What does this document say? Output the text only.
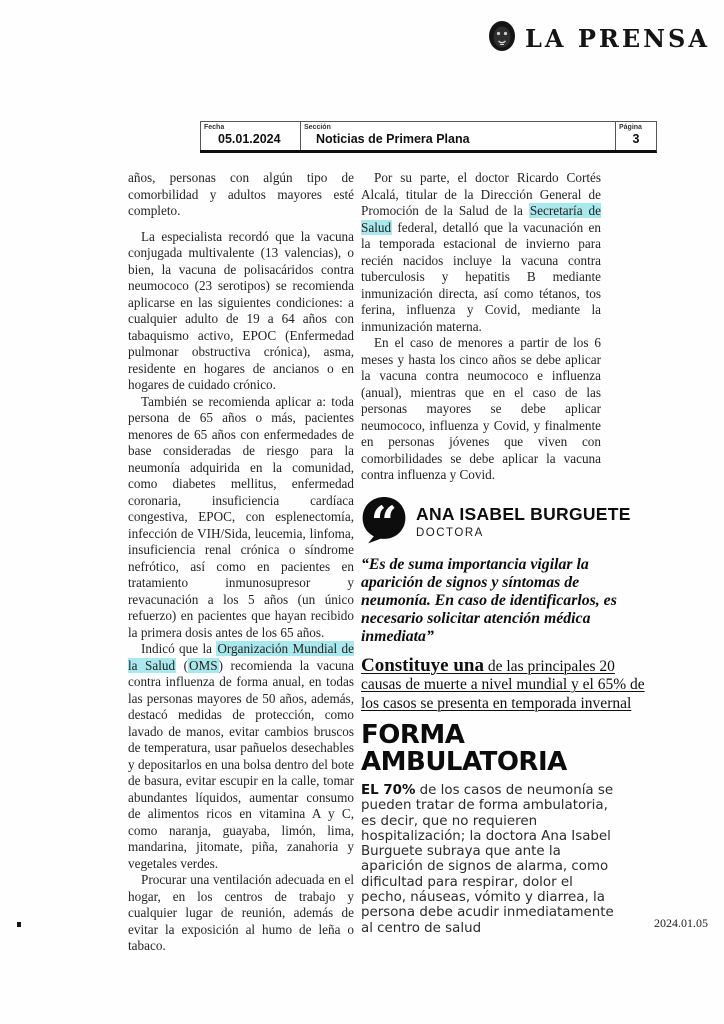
LA PRENSA
Fecha
05.01.2024
Sección
Noticias de Primera Plana
Página
3

años, personas con algún tipo de comorbilidad y adultos mayores esté completo.

La especialista recordó que la vacuna conjugada multivalente (13 valencias), o bien, la vacuna de polisacáridos contra neumococo (23 serotipos) se recomienda aplicarse en las siguientes condiciones: a cualquier adulto de 19 a 64 años con tabaquismo activo, EPOC (Enfermedad pulmonar obstructiva crónica), asma, residente en hogares de ancianos o en hogares de cuidado crónico.

También se recomienda aplicar a: toda persona de 65 años o más, pacientes menores de 65 años con enfermedades de base consideradas de riesgo para la neumonía adquirida en la comunidad, como diabetes mellitus, enfermedad coronaria, insuficiencia cardíaca congestiva, EPOC, con esplenectomía, infección de VIH/Sida, leucemia, linfoma, insuficiencia renal crónica o síndrome nefrótico, así como en pacientes en tratamiento inmunosupresor y revacunación a los 5 años (un único refuerzo) en pacientes que hayan recibido la primera dosis antes de los 65 años.

Indicó que la Organización Mundial de la Salud (OMS) recomienda la vacuna contra influenza de forma anual, en todas las personas mayores de 50 años, además, destacó medidas de protección, como lavado de manos, evitar cambios bruscos de temperatura, usar pañuelos desechables y depositarlos en una bolsa dentro del bote de basura, evitar escupir en la calle, tomar abundantes líquidos, aumentar consumo de alimentos ricos en vitamina A y C, como naranja, guayaba, limón, lima, mandarina, jitomate, piña, zanahoria y vegetales verdes.

Procurar una ventilación adecuada en el hogar, en los centros de trabajo y cualquier lugar de reunión, además de evitar la exposición al humo de leña o tabaco.

Por su parte, el doctor Ricardo Cortés Alcalá, titular de la Dirección General de Promoción de la Salud de la Secretaría de Salud federal, detalló que la vacunación en la temporada estacional de invierno para recién nacidos incluye la vacuna contra tuberculosis y hepatitis B mediante inmunización directa, así como tétanos, tos ferina, influenza y Covid, mediante la inmunización materna.

En el caso de menores a partir de los 6 meses y hasta los cinco años se debe aplicar la vacuna contra neumococo e influenza (anual), mientras que en el caso de las personas mayores se debe aplicar neumococo, influenza y Covid, y finalmente en personas jóvenes que viven con comorbilidades se debe aplicar la vacuna contra influenza y Covid.

“ ANA ISABEL BURGUETE
DOCTORA

“Es de suma importancia vigilar la aparición de signos y síntomas de neumonía. En caso de identificarlos, es necesario solicitar atención médica inmediata”

Constituye una de las principales 20 causas de muerte a nivel mundial y el 65% de los casos se presenta en temporada invernal

FORMA AMBULATORIA

EL 70% de los casos de neumonía se pueden tratar de forma ambulatoria, es decir, que no requieren hospitalización; la doctora Ana Isabel Burguete subraya que ante la aparición de signos de alarma, como dificultad para respirar, dolor el pecho, náuseas, vómito y diarrea, la persona debe acudir inmediatamente al centro de salud	2024.01.05
